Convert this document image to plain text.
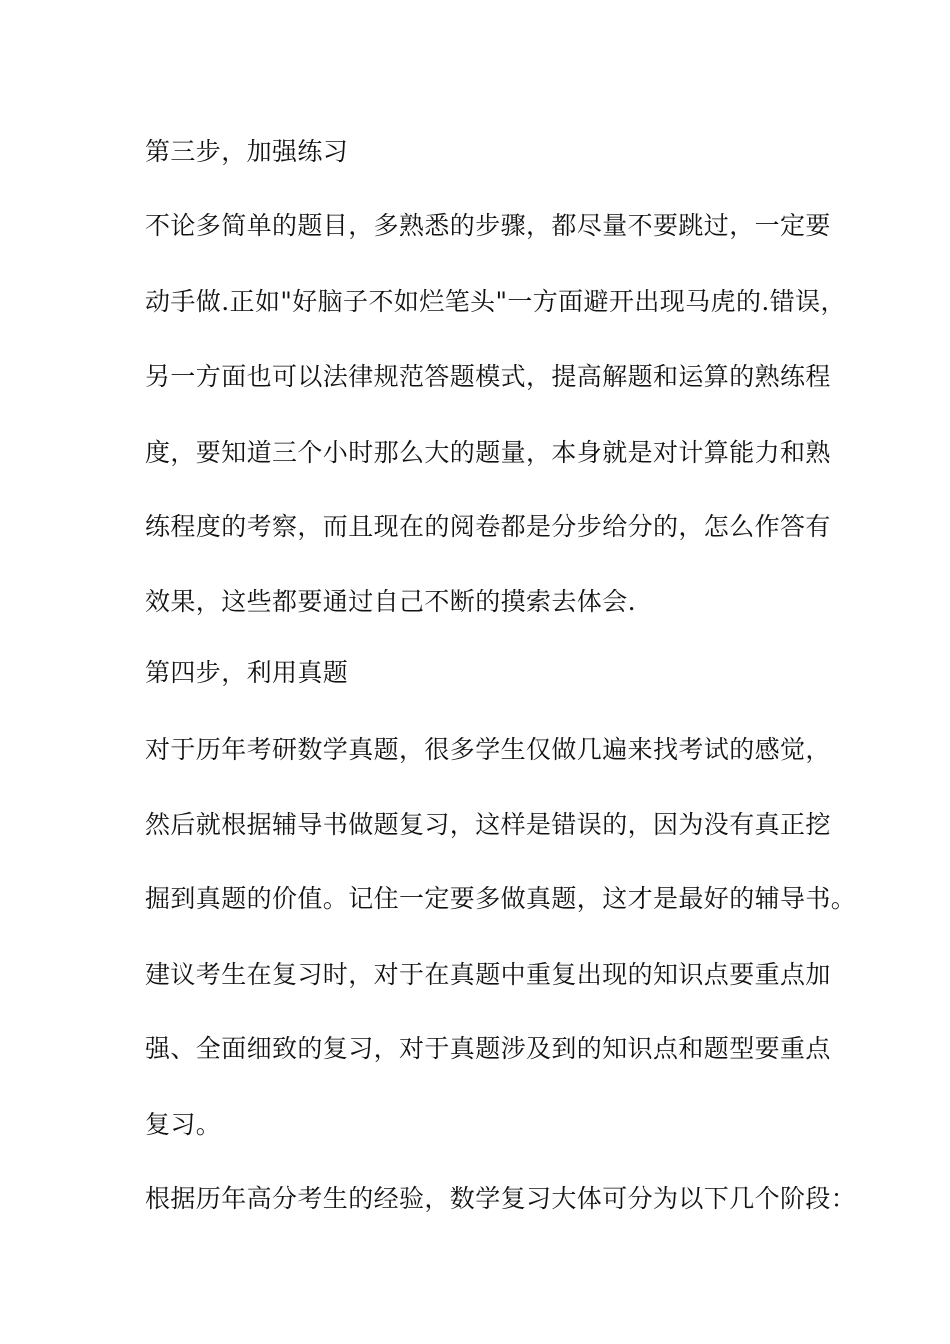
第三步，加强练习
不论多简单的题目，多熟悉的步骤，都尽量不要跳过，一定要
动手做.正如"好脑子不如烂笔头"一方面避开出现马虎的.错误，
另一方面也可以法律规范答题模式，提高解题和运算的熟练程
度，要知道三个小时那么大的题量，本身就是对计算能力和熟
练程度的考察，而且现在的阅卷都是分步给分的，怎么作答有
效果，这些都要通过自己不断的摸索去体会.
第四步，利用真题
对于历年考研数学真题，很多学生仅做几遍来找考试的感觉，
然后就根据辅导书做题复习，这样是错误的，因为没有真正挖
掘到真题的价值。记住一定要多做真题，这才是最好的辅导书。
建议考生在复习时，对于在真题中重复出现的知识点要重点加
强、全面细致的复习，对于真题涉及到的知识点和题型要重点
复习。
根据历年高分考生的经验，数学复习大体可分为以下几个阶段：
